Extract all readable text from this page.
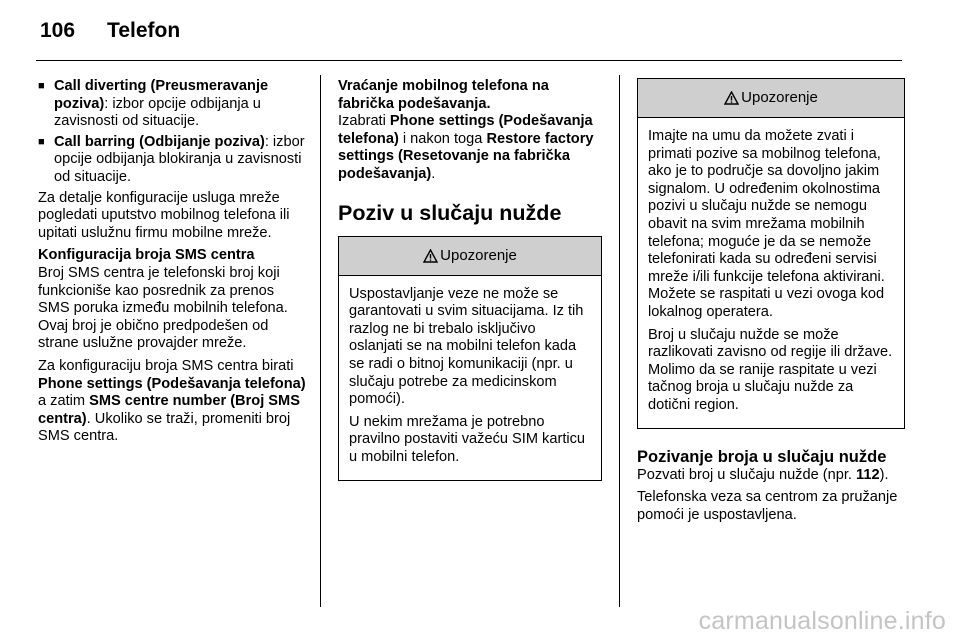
106 Telefon
■ Call diverting (Preusmeravanje poziva): izbor opcije odbijanja u zavisnosti od situacije.
■ Call barring (Odbijanje poziva): izbor opcije odbijanja blokiranja u zavisnosti od situacije.

Za detalje konfiguracije usluga mreže pogledati uputstvo mobilnog telefona ili upitati uslužnu firmu mobilne mreže.

Konfiguracija broja SMS centra

Broj SMS centra je telefonski broj koji funkcioniše kao posrednik za prenos SMS poruka između mobilnih telefona. Ovaj broj je obično predpodešen od strane uslužne provajder mreže.

Za konfiguraciju broja SMS centra birati Phone settings (Podešavanja telefona) a zatim SMS centre number (Broj SMS centra). Ukoliko se traži, promeniti broj SMS centra.

Vraćanje mobilnog telefona na fabrička podešavanja.

Izabrati Phone settings (Podešavanja telefona) i nakon toga Restore factory settings (Resetovanje na fabrička podešavanja).

Poziv u slučaju nužde
Upozorenje

Uspostavljanje veze ne može se garantovati u svim situacijama. Iz tih razlog ne bi trebalo isključivo oslanjati se na mobilni telefon kada se radi o bitnoj komunikaciji (npr. u slučaju potrebe za medicinskom pomoći).

U nekim mrežama je potrebno pravilno postaviti važeću SIM karticu u mobilni telefon.

Upozorenje

Imajte na umu da možete zvati i primati pozive sa mobilnog telefona, ako je to područje sa dovoljno jakim signalom. U određenim okolnostima pozivi u slučaju nužde se nemogu obavit na svim mrežama mobilnih telefona; moguće je da se nemože telefonirati kada su određeni servisi mreže i/ili funkcije telefona aktivirani. Možete se raspitati u vezi ovoga kod lokalnog operatera.

Broj u slučaju nužde se može razlikovati zavisno od regije ili države. Molimo da se ranije raspitate u vezi tačnog broja u slučaju nužde za dotični region.

Pozivanje broja u slučaju nužde

Pozvati broj u slučaju nužde (npr. 112).

Telefonska veza sa centrom za pružanje pomoći je uspostavljena.

carmanualsonline.info
